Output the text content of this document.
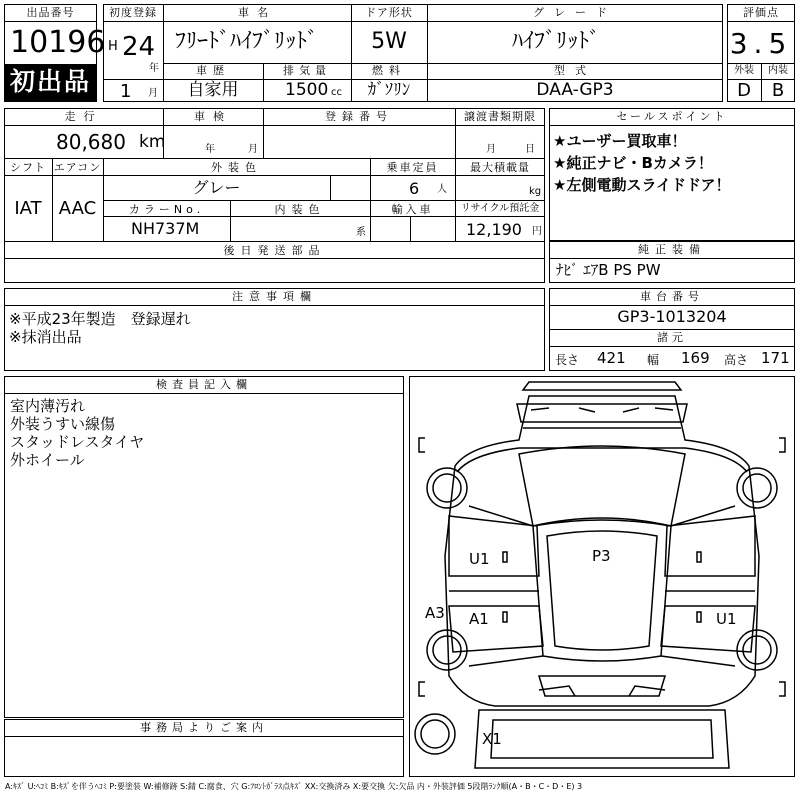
出品番号
10196
初出品
初度登録
H 24
年
1 月
車名
ﾌﾘｰﾄﾞﾊｲﾌﾞﾘｯﾄﾞ
ドア形状
5W
グレード
ﾊｲﾌﾞﾘｯﾄﾞ
車歴
自家用
排気量
1500 cc
燃料
ｶﾞｿﾘﾝ
型式
DAA-GP3
評価点
3.5
外装	内装
D	B
走行
80,680 km
車検
年	月
登録番号	譲渡書類期限
月	日
シフト
IAT
エアコン
AAC
外装色
グレー
乗車定員
6 人
最大積載量
kg
カラーNo.
NH737M
内装色
系
輸入車	リサイクル預託金
12,190 円
後日発送部品
セールスポイント
★ユーザー買取車！
★純正ナビ・Bカメラ！
★左側電動スライドドア！
純正装備
ﾅﾋﾞ ｴｱB PS PW
注意事項欄
※平成23年製造　登録遅れ
※抹消出品
車台番号
GP3-1013204
諸元
長さ 421 幅 169 高さ 171
検査員記入欄
室内薄汚れ
外装うすい線傷
スタッドレスタイヤ
外ホイール
事務局よりご案内
U1	P3
A3 A1	U1
X1
A:ｷｽﾞ U:ﾍｺﾐ B:ｷｽﾞを伴うﾍｺﾐ P:要塗装 W:補修跡 S:錆 C:腐食、穴 G:ﾌﾛﾝﾄｶﾞﾗｽ点ｷｽﾞ XX:交換済み X:要交換 欠:欠品 内・外装評価 5段階ﾗﾝｸ順(A・B・C・D・E) 3
